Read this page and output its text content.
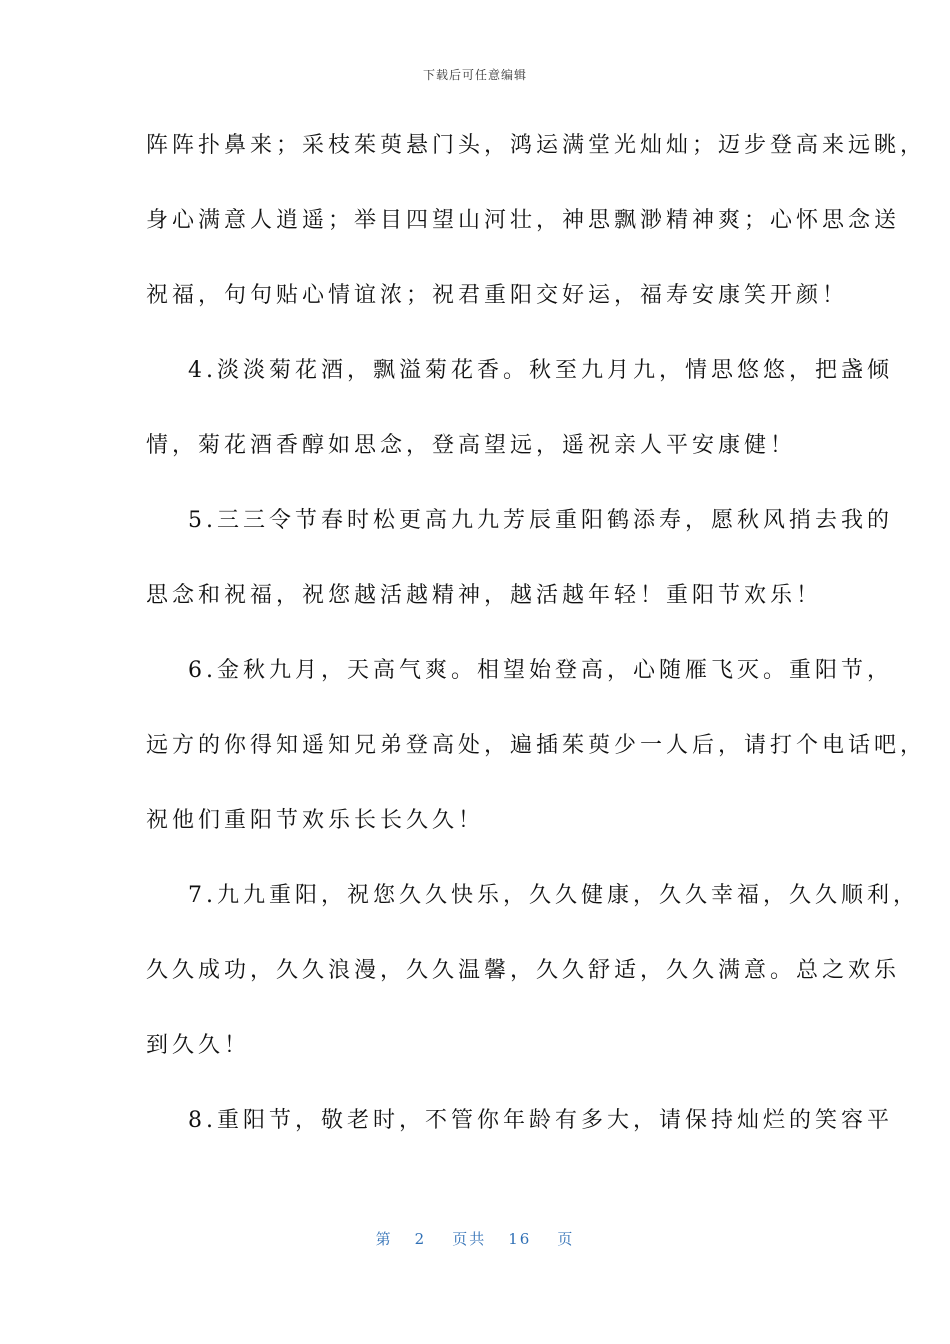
下载后可任意编辑
阵阵扑鼻来；采枝茱萸悬门头，鸿运满堂光灿灿；迈步登高来远眺，
身心满意人逍遥；举目四望山河壮，神思飘渺精神爽；心怀思念送
祝福，句句贴心情谊浓；祝君重阳交好运，福寿安康笑开颜！
4.淡淡菊花酒，飘溢菊花香。秋至九月九，情思悠悠，把盏倾
情，菊花酒香醇如思念，登高望远，遥祝亲人平安康健！
5.三三令节春时松更高九九芳辰重阳鹤添寿，愿秋风捎去我的
思念和祝福，祝您越活越精神，越活越年轻！重阳节欢乐！
6.金秋九月，天高气爽。相望始登高，心随雁飞灭。重阳节，
远方的你得知遥知兄弟登高处，遍插茱萸少一人后，请打个电话吧，
祝他们重阳节欢乐长长久久！
7.九九重阳，祝您久久快乐，久久健康，久久幸福，久久顺利，
久久成功，久久浪漫，久久温馨，久久舒适，久久满意。总之欢乐
到久久！
8.重阳节，敬老时，不管你年龄有多大，请保持灿烂的笑容平
第 2 页共 16 页
